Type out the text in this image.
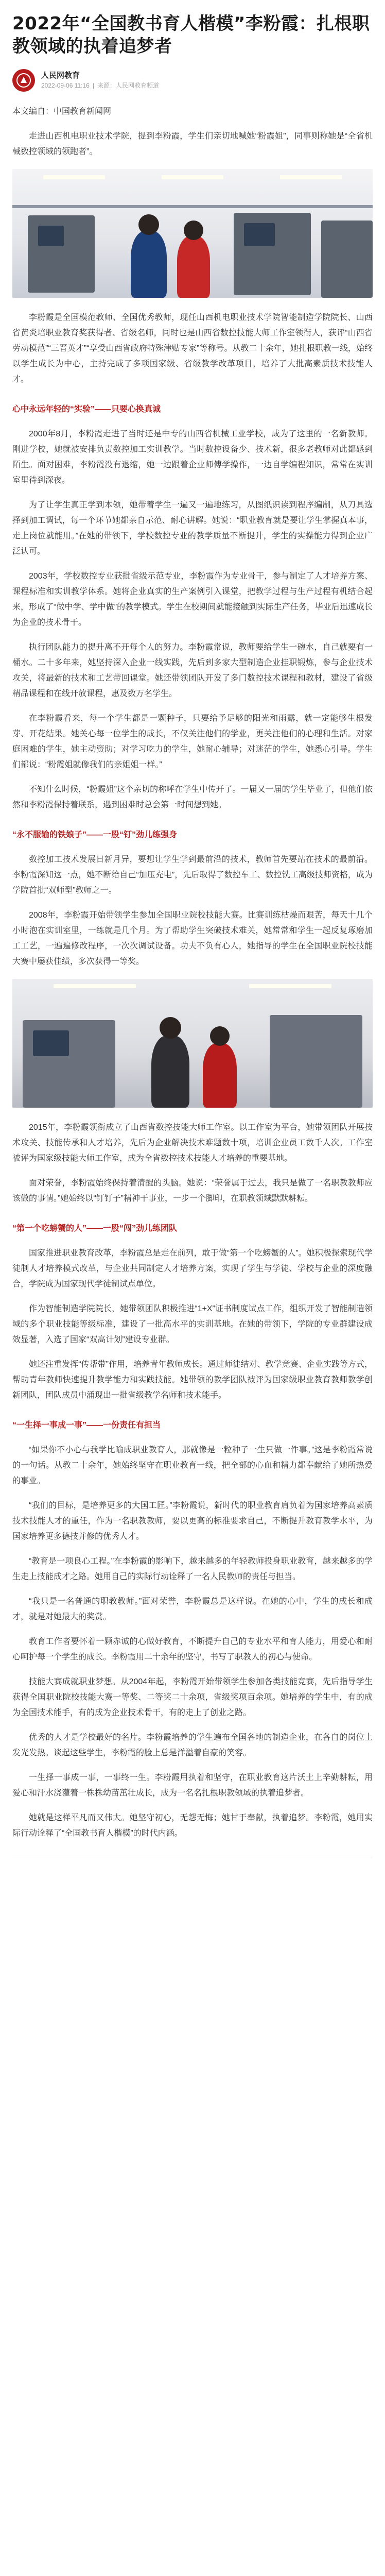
2022年“全国教书育人楷模”李粉霞：扎根职教领域的执着追梦者
人民网教育
2022-09-06 11:16 | 来源：人民网教育频道

本文编自：中国教育新闻网

走进山西机电职业技术学院，提到李粉霞，学生们亲切地喊她“粉霞姐”，同事则称她是“全省机械数控领域的领跑者”。

李粉霞是全国模范教师、全国优秀教师，现任山西机电职业技术学院智能制造学院院长、山西省黄炎培职业教育奖获得者、省级名师，同时也是山西省数控技能大师工作室领衔人，获评“山西省劳动模范”“三晋英才”“享受山西省政府特殊津贴专家”等称号。从教二十余年，她扎根职教一线，始终以学生成长为中心，主持完成了多项国家级、省级教学改革项目，培养了大批高素质技术技能人才。

心中永远年轻的“实验”——只要心换真诚

2000年8月，李粉霞走进了当时还是中专的山西省机械工业学校，成为了这里的一名新教师。刚进学校，她就被安排负责数控加工实训教学。当时数控设备少、技术新，很多老教师对此都感到陌生。面对困难，李粉霞没有退缩，她一边跟着企业师傅学操作，一边自学编程知识，常常在实训室里待到深夜。

为了让学生真正学到本领，她带着学生一遍又一遍地练习，从图纸识读到程序编制，从刀具选择到加工调试，每一个环节她都亲自示范、耐心讲解。她说：“职业教育就是要让学生掌握真本事，走上岗位就能用。”在她的带领下，学校数控专业的教学质量不断提升，学生的实操能力得到企业广泛认可。

2003年，学校数控专业获批省级示范专业，李粉霞作为专业骨干，参与制定了人才培养方案、课程标准和实训教学体系。她将企业真实的生产案例引入课堂，把教学过程与生产过程有机结合起来，形成了“做中学、学中做”的教学模式。学生在校期间就能接触到实际生产任务，毕业后迅速成长为企业的技术骨干。

执行团队能力的提升离不开每个人的努力。李粉霞常说，教师要给学生一碗水，自己就要有一桶水。二十多年来，她坚持深入企业一线实践，先后到多家大型制造企业挂职锻炼，参与企业技术攻关，将最新的技术和工艺带回课堂。她还带领团队开发了多门数控技术课程和教材，建设了省级精品课程和在线开放课程，惠及数万名学生。

在李粉霞看来，每一个学生都是一颗种子，只要给予足够的阳光和雨露，就一定能够生根发芽、开花结果。她关心每一位学生的成长，不仅关注他们的学业，更关注他们的心理和生活。对家庭困难的学生，她主动资助；对学习吃力的学生，她耐心辅导；对迷茫的学生，她悉心引导。学生们都说：“粉霞姐就像我们的亲姐姐一样。”

不知什么时候，“粉霞姐”这个亲切的称呼在学生中传开了。一届又一届的学生毕业了，但他们依然和李粉霞保持着联系，遇到困难时总会第一时间想到她。

“永不服输的铁娘子”——一股“钉”劲儿练强身

数控加工技术发展日新月异，要想让学生学到最前沿的技术，教师首先要站在技术的最前沿。李粉霞深知这一点，她不断给自己“加压充电”，先后取得了数控车工、数控铣工高级技师资格，成为学院首批“双师型”教师之一。

2008年，李粉霞开始带领学生参加全国职业院校技能大赛。比赛训练枯燥而艰苦，每天十几个小时泡在实训室里，一练就是几个月。为了帮助学生突破技术难关，她常常和学生一起反复琢磨加工工艺，一遍遍修改程序，一次次调试设备。功夫不负有心人，她指导的学生在全国职业院校技能大赛中屡获佳绩，多次获得一等奖。

2015年，李粉霞领衔成立了山西省数控技能大师工作室。以工作室为平台，她带领团队开展技术攻关、技能传承和人才培养，先后为企业解决技术难题数十项，培训企业员工数千人次。工作室被评为国家级技能大师工作室，成为全省数控技术技能人才培养的重要基地。

面对荣誉，李粉霞始终保持着清醒的头脑。她说：“荣誉属于过去，我只是做了一名职教教师应该做的事情。”她始终以“钉钉子”精神干事业，一步一个脚印，在职教领域默默耕耘。

“第一个吃螃蟹的人”——一股“闯”劲儿练团队

国家推进职业教育改革，李粉霞总是走在前列，敢于做“第一个吃螃蟹的人”。她积极探索现代学徒制人才培养模式改革，与企业共同制定人才培养方案，实现了学生与学徒、学校与企业的深度融合，学院成为国家现代学徒制试点单位。

作为智能制造学院院长，她带领团队积极推进“1+X”证书制度试点工作，组织开发了智能制造领域的多个职业技能等级标准，建设了一批高水平的实训基地。在她的带领下，学院的专业群建设成效显著，入选了国家“双高计划”建设专业群。

她还注重发挥“传帮带”作用，培养青年教师成长。通过师徒结对、教学竞赛、企业实践等方式，帮助青年教师快速提升教学能力和实践技能。她带领的教学团队被评为国家级职业教育教师教学创新团队，团队成员中涌现出一批省级教学名师和技术能手。

“一生择一事成一事”——一份责任有担当

“如果你不小心与我学比喻成职业教育人，那就像是一粒种子一生只做一件事。”这是李粉霞常说的一句话。从教二十余年，她始终坚守在职业教育一线，把全部的心血和精力都奉献给了她所热爱的事业。

“我们的目标，是培养更多的大国工匠。”李粉霞说，新时代的职业教育肩负着为国家培养高素质技术技能人才的重任，作为一名职教教师，要以更高的标准要求自己，不断提升教育教学水平，为国家培养更多德技并修的优秀人才。

“教育是一项良心工程。”在李粉霞的影响下，越来越多的年轻教师投身职业教育，越来越多的学生走上技能成才之路。她用自己的实际行动诠释了一名人民教师的责任与担当。

“我只是一名普通的职教教师。”面对荣誉，李粉霞总是这样说。在她的心中，学生的成长和成才，就是对她最大的奖赏。

教育工作者要怀着一颗赤诚的心做好教育，不断提升自己的专业水平和育人能力，用爱心和耐心呵护每一个学生的成长。李粉霞用二十余年的坚守，书写了职教人的初心与使命。

技能大赛成就职业梦想。从2004年起，李粉霞开始带领学生参加各类技能竞赛，先后指导学生获得全国职业院校技能大赛一等奖、二等奖二十余项，省级奖项百余项。她培养的学生中，有的成为全国技术能手，有的成为企业技术骨干，有的走上了创业之路。

优秀的人才是学校最好的名片。李粉霞培养的学生遍布全国各地的制造企业，在各自的岗位上发光发热。谈起这些学生，李粉霞的脸上总是洋溢着自豪的笑容。

一生择一事成一事，一事终一生。李粉霞用执着和坚守，在职业教育这片沃土上辛勤耕耘，用爱心和汗水浇灌着一株株幼苗茁壮成长，成为一名名扎根职教领域的执着追梦者。

她就是这样平凡而又伟大。她坚守初心，无怨无悔；她甘于奉献，执着追梦。李粉霞，她用实际行动诠释了“全国教书育人楷模”的时代内涵。
